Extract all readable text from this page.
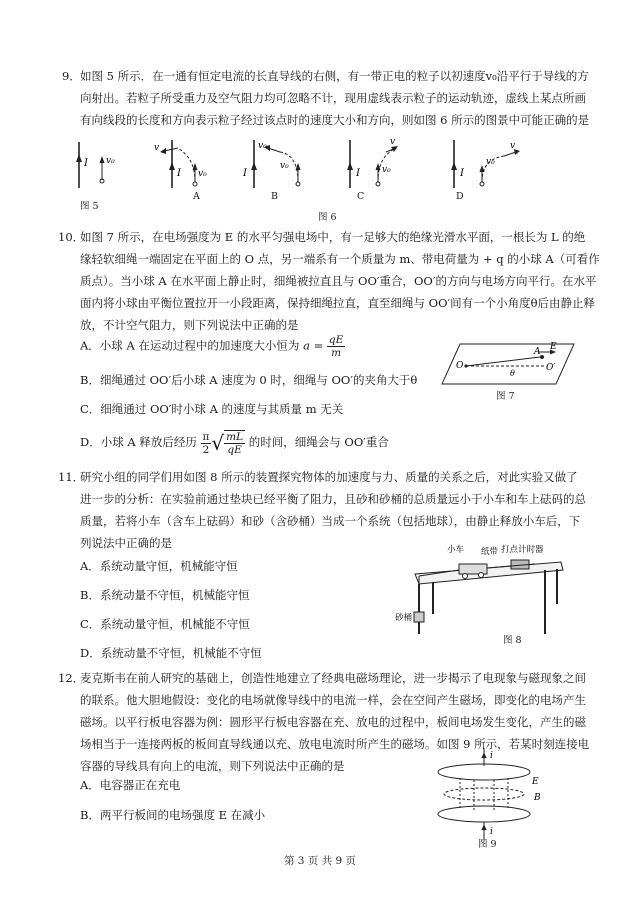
9． 如图 5 所示．在一通有恒定电流的长直导线的右侧，有一带正电的粒子以初速度v₀沿平行于导线的方
向射出。若粒子所受重力及空气阻力均可忽略不计，现用虚线表示粒子的运动轨迹，虚线上某点所画
有向线段的长度和方向表示粒子经过该点时的速度大小和方向，则如图 6 所示的图景中可能正确的是
I v₀
图 5
I
v
v₀
A
I
v₀
v₀
B
I
v
v₀
C
I
v
v₀
D
图 6
10．
如图 7 所示，在电场强度为 E 的水平匀强电场中，有一足够大的绝缘光滑水平面，一根长为 L 的绝
缘轻软细绳一端固定在平面上的 O 点，另一端系有一个质量为 m、带电荷量为 + q 的小球 A（可看作
质点）。当小球 A 在水平面上静止时，细绳被拉直且与 OO′重合，OO′的方向与电场方向平行。在水平
面内将小球由平衡位置拉开一小段距离，保持细绳拉直，直至细绳与 OO′间有一个小角度θ后由静止释
放，不计空气阻力，则下列说法中正确的是
A．小球 A 在运动过程中的加速度大小恒为 $a = \frac{qE}{m}$
B．细绳通过 OO′后小球 A 速度为 0 时，细绳与 OO′的夹角大于θ
C．细绳通过 OO′时小球 A 的速度与其质量 m 无关
D．小球 A 释放后经历 $\frac{\pi}{2}$ √ $\frac{mL}{qE}$ 的时间，细绳会与 OO′重合
O	O′
A
θ
E
图 7
11．
研究小组的同学们用如图 8 所示的装置探究物体的加速度与力、质量的关系之后，对此实验又做了
进一步的分析：在实验前通过垫块已经平衡了阻力，且砂和砂桶的总质量远小于小车和车上砝码的总
质量，若将小车（含车上砝码）和砂（含砂桶）当成一个系统（包括地球），由静止释放小车后，下
列说法中正确的是
A．系统动量守恒，机械能守恒
B．系统动量不守恒，机械能守恒
C．系统动量守恒，机械能不守恒
D．系统动量不守恒，机械能不守恒
小车 纸带 打点计时器
砂桶
图 8
12．
麦克斯韦在前人研究的基础上，创造性地建立了经典电磁场理论，进一步揭示了电现象与磁现象之间
的联系。他大胆地假设：变化的电场就像导线中的电流一样，会在空间产生磁场，即变化的电场产生
磁场。以平行板电容器为例：圆形平行板电容器在充、放电的过程中，板间电场发生变化，产生的磁
场相当于一连接两板的板间直导线通以充、放电电流时所产生的磁场。如图 9 所示，若某时刻连接电
容器的导线具有向上的电流，则下列说法中正确的是
A．电容器正在充电
B．两平行板间的电场强度 E 在减小
i
E
B
i
图 9
第 3 页 共 9 页
